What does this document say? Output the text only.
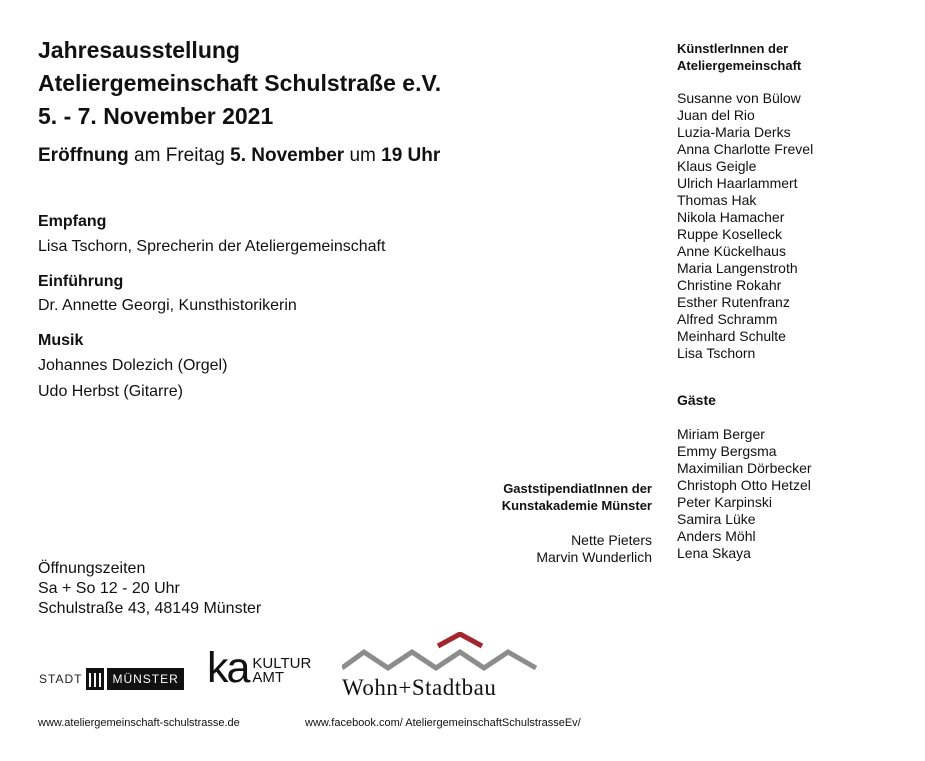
Jahresausstellung
Ateliergemeinschaft Schulstraße e.V.
5. - 7. November 2021
Eröffnung am Freitag 5. November um 19 Uhr
Empfang
Lisa Tschorn, Sprecherin der Ateliergemeinschaft
Einführung
Dr. Annette Georgi, Kunsthistorikerin
Musik
Johannes Dolezich (Orgel)
Udo Herbst (Gitarre)
Öffnungszeiten
Sa + So 12 - 20 Uhr
Schulstraße 43, 48149 Münster
KünstlerInnen der
Ateliergemeinschaft
Susanne von Bülow
Juan del Rio
Luzia-Maria Derks
Anna Charlotte Frevel
Klaus Geigle
Ulrich Haarlammert
Thomas Hak
Nikola Hamacher
Ruppe Koselleck
Anne Kückelhaus
Maria Langenstroth
Christine Rokahr
Esther Rutenfranz
Alfred Schramm
Meinhard Schulte
Lisa Tschorn
Gäste
Miriam Berger
Emmy Bergsma
Maximilian Dörbecker
Christoph Otto Hetzel
Peter Karpinski
Samira Lüke
Anders Möhl
Lena Skaya
GaststipendiatInnen der
Kunstakademie Münster
Nette Pieters
Marvin Wunderlich
STADT	MÜNSTER ka KULTUR
AMT	Wohn+Stadtbau
www.ateliergemeinschaft-schulstrasse.de	www.facebook.com/ AteliergemeinschaftSchulstrasseEv/
